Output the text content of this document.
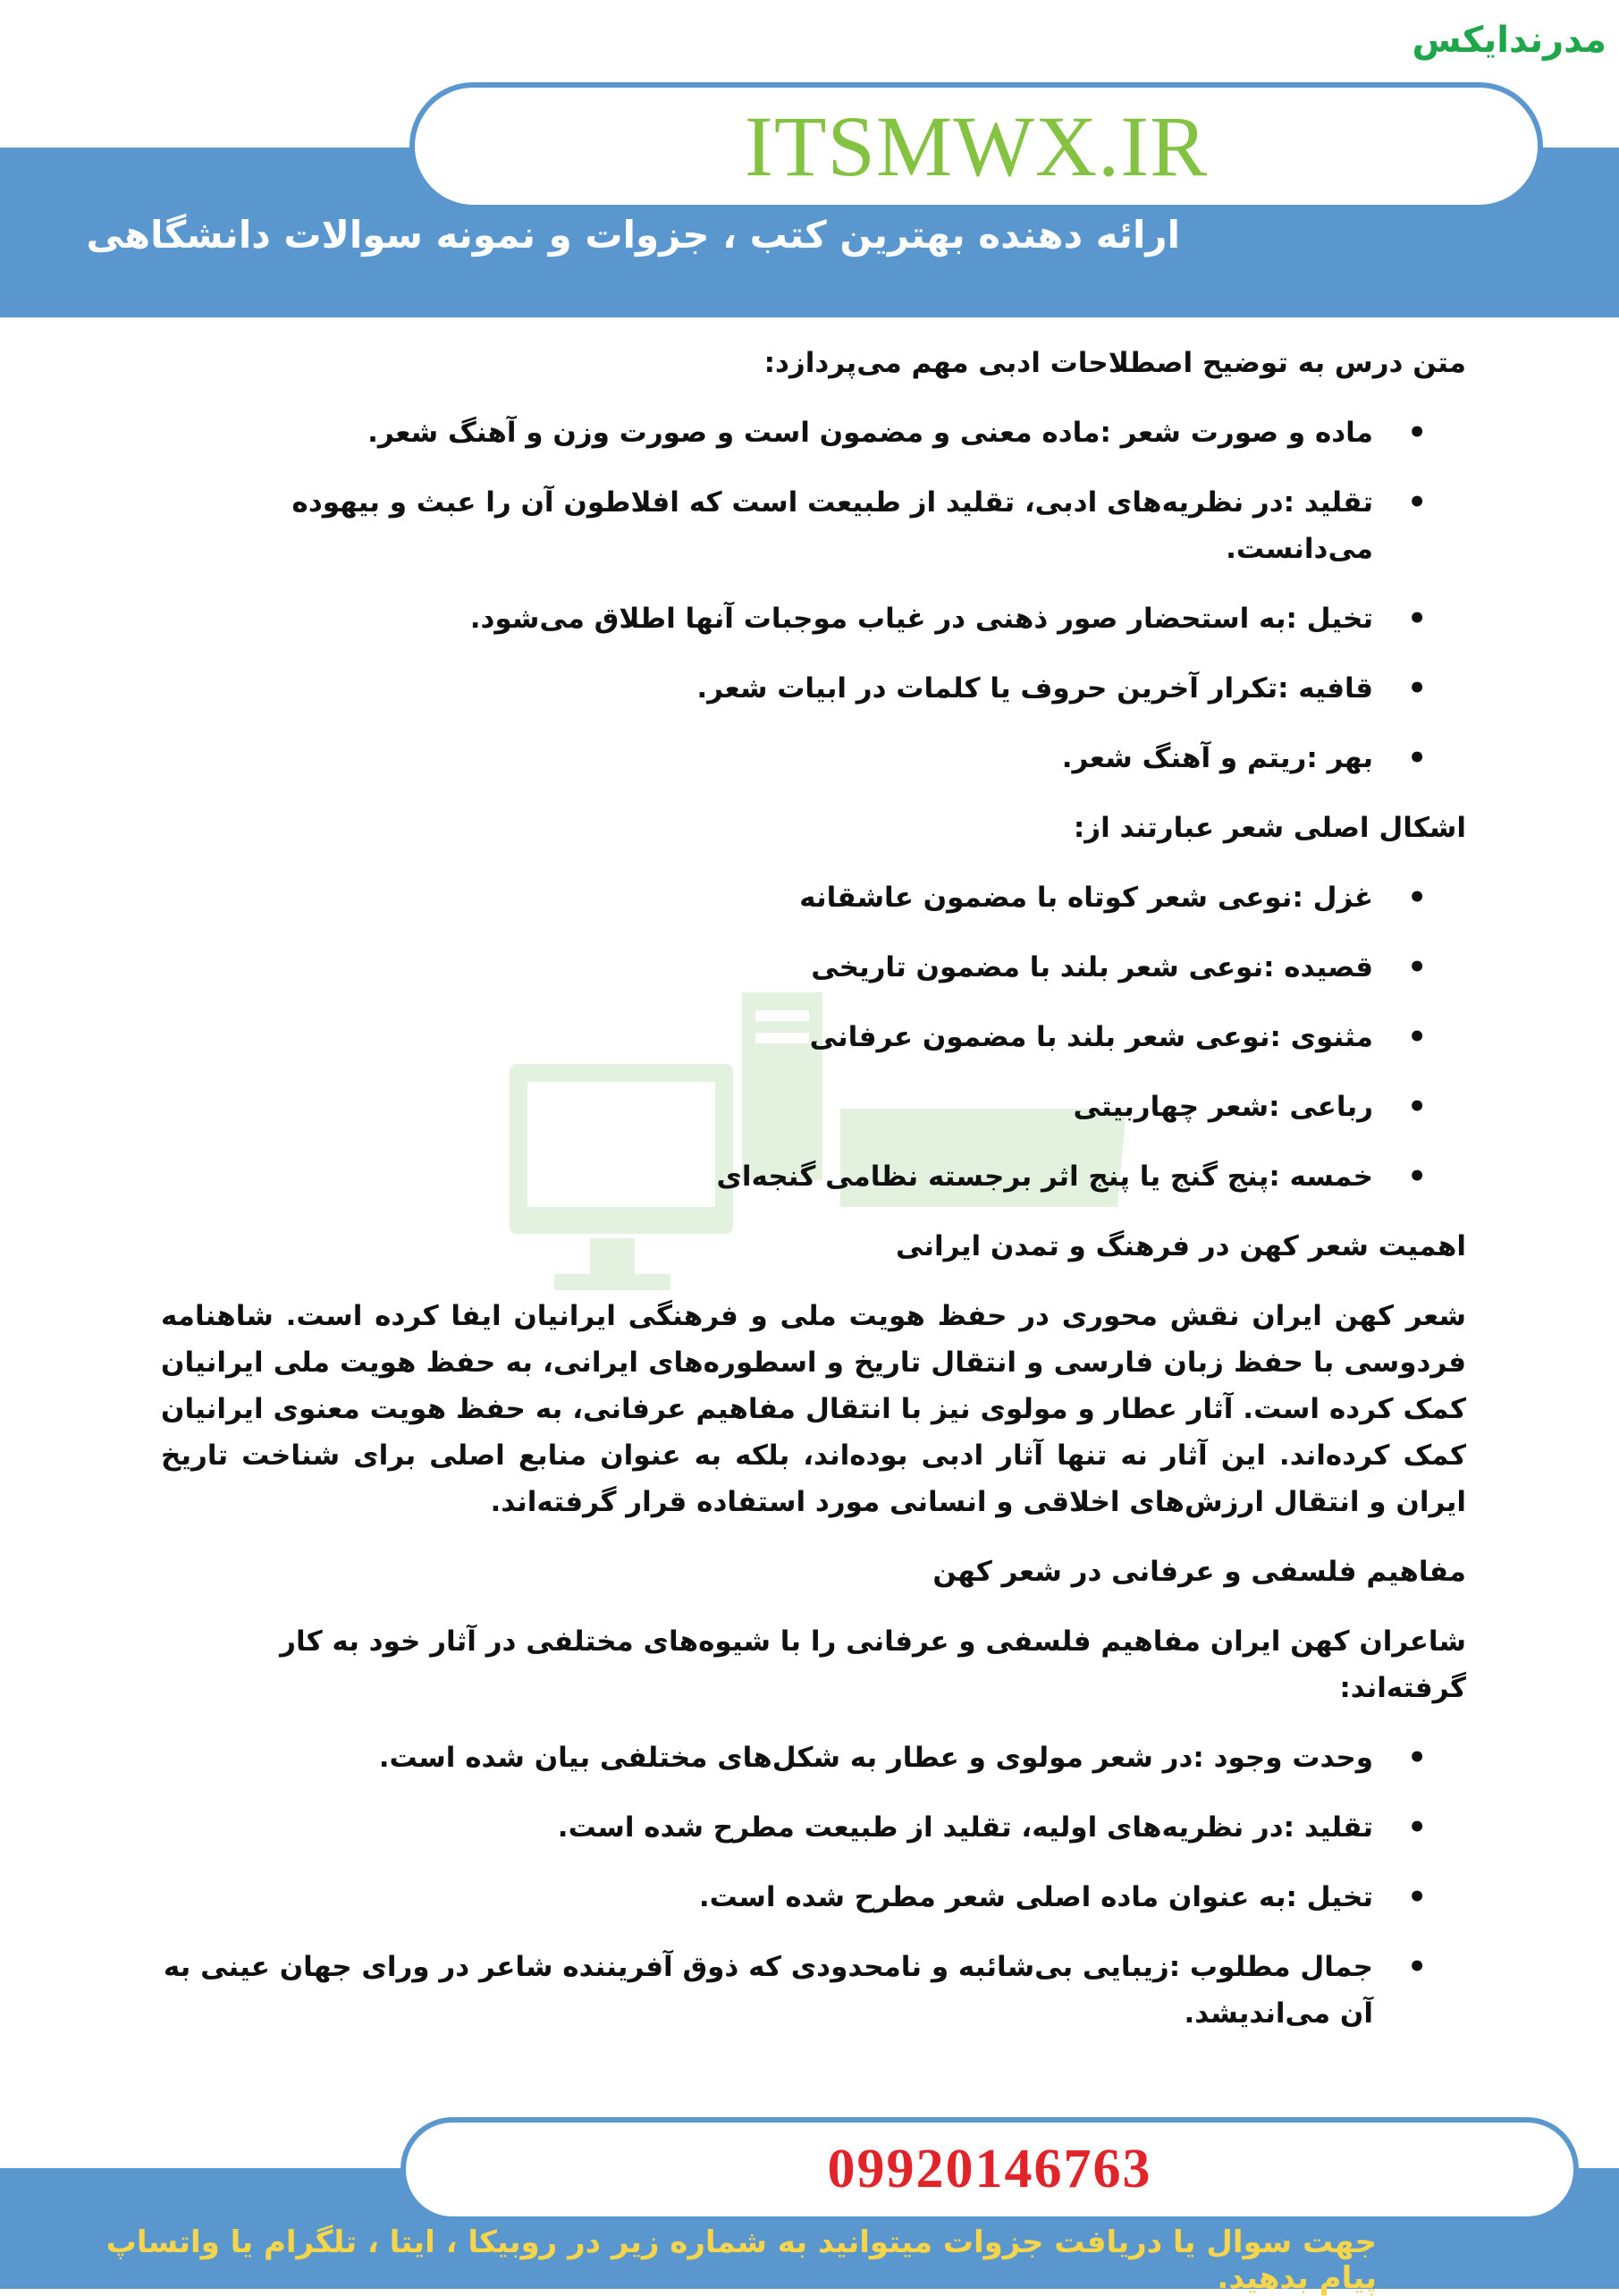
مدرندایکس
ITSMWX.IR
ارائه دهنده بهترین کتب ، جزوات و نمونه سوالات دانشگاهی

متن درس به توضیح اصطلاحات ادبی مهم می‌پردازد:

• ماده و صورت شعر :ماده معنی و مضمون است و صورت وزن و آهنگ شعر.
• تقلید :در نظریه‌های ادبی، تقلید از طبیعت است که افلاطون آن را عبث و بیهوده می‌دانست.
• تخیل :به استحضار صور ذهنی در غیاب موجبات آنها اطلاق می‌شود.
• قافیه :تکرار آخرین حروف یا کلمات در ابیات شعر.
• بهر :ریتم و آهنگ شعر.

اشکال اصلی شعر عبارتند از:

• غزل :نوعی شعر کوتاه با مضمون عاشقانه
• قصیده :نوعی شعر بلند با مضمون تاریخی
• مثنوی :نوعی شعر بلند با مضمون عرفانی
• رباعی :شعر چهاربیتی
• خمسه :پنج گنج یا پنج اثر برجسته نظامی گنجه‌ای

اهمیت شعر کهن در فرهنگ و تمدن ایرانی

شعر کهن ایران نقش محوری در حفظ هویت ملی و فرهنگی ایرانیان ایفا کرده است. شاهنامه فردوسی با حفظ زبان فارسی و انتقال تاریخ و اسطوره‌های ایرانی، به حفظ هویت ملی ایرانیان کمک کرده است. آثار عطار و مولوی نیز با انتقال مفاهیم عرفانی، به حفظ هویت معنوی ایرانیان کمک کرده‌اند. این آثار نه تنها آثار ادبی بوده‌اند، بلکه به عنوان منابع اصلی برای شناخت تاریخ ایران و انتقال ارزش‌های اخلاقی و انسانی مورد استفاده قرار گرفته‌اند.

مفاهیم فلسفی و عرفانی در شعر کهن

شاعران کهن ایران مفاهیم فلسفی و عرفانی را با شیوه‌های مختلفی در آثار خود به کار گرفته‌اند:

• وحدت وجود :در شعر مولوی و عطار به شکل‌های مختلفی بیان شده است.
• تقلید :در نظریه‌های اولیه، تقلید از طبیعت مطرح شده است.
• تخیل :به عنوان ماده اصلی شعر مطرح شده است.
• جمال مطلوب :زیبایی بی‌شائبه و نامحدودی که ذوق آفریننده شاعر در ورای جهان عینی به آن می‌اندیشد.
09920146763
جهت سوال یا دریافت جزوات میتوانید به شماره زیر در روبیکا ، ایتا ، تلگرام یا واتساپ پیام بدهید.
